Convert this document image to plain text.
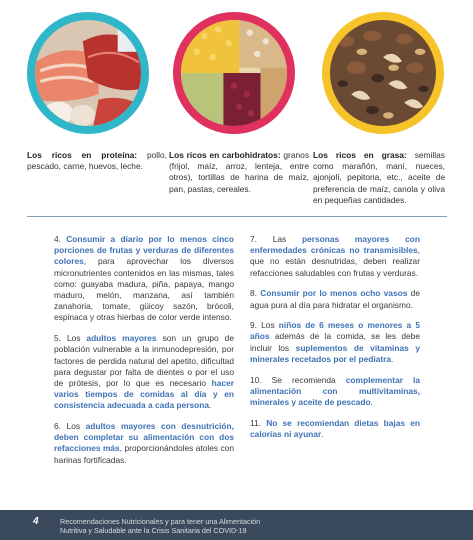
Los ricos en proteína: pollo, pescado, carne, huevos, leche.
Los ricos en carbohidratos: granos (frijol, maíz, arroz, lenteja, entre otros), tortillas de harina de maíz, pan, pastas, cereales.
Los ricos en grasa: semillas como marañón, maní, nueces, ajonjolí, pepitoria, etc., aceite de preferencia de maíz, canola y oliva en pequeñas cantidades.

4. Consumir a diario por lo menos cinco porciones de frutas y verduras de diferentes colores, para aprovechar los diversos micronutrientes contenidos en las mismas, tales como: guayaba madura, piña, papaya, mango maduro, melón, manzana, así también zanahoria, tomate, güicoy sazón, brócoli, espinaca y otras hierbas de color verde intenso.

5. Los adultos mayores son un grupo de población vulnerable a la inmunodepresión, por factores de perdida natural del apetito, dificultad para degustar por falta de dientes o por el uso de prótesis, por lo que es necesario hacer varios tiempos de comidas al día y en consistencia adecuada a cada persona.

6. Los adultos mayores con desnutrición, deben completar su alimentación con dos refacciones más, proporcionándoles atoles con harinas fortificadas.

7. Las personas mayores con enfermedades crónicas no transmisibles, que no están desnutridas, deben realizar refacciones saludables con frutas y verduras.

8. Consumir por lo menos ocho vasos de agua pura al día para hidratar el organismo.

9. Los niños de 6 meses o menores a 5 años además de la comida, se les debe incluir los suplementos de vitaminas y minerales recetados por el pediatra.

10. Se recomienda complementar la alimentación con multivitaminas, minerales y aceite de pescado.

11. No se recomiendan dietas bajas en calorías ni ayunar.

4	Recomendaciones Nutricionales y para tener una Alimentación
Nutritiva y Saludable ante la Crisis Sanitaria del COVID-19
